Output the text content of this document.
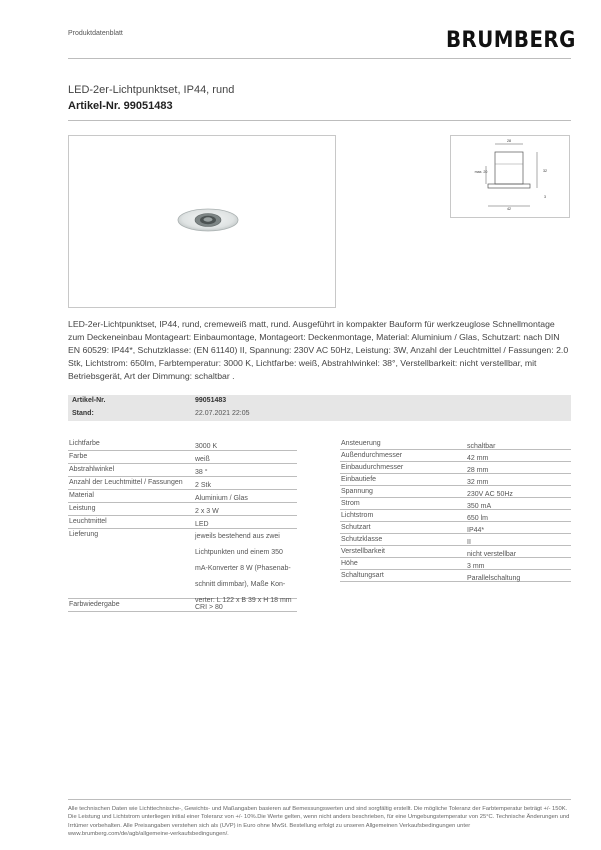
Produktdatenblatt	BRUMBERG
LED-2er-Lichtpunktset, IP44, rund
Artikel-Nr. 99051483
28
max. 20	32
3
42
LED-2er-Lichtpunktset, IP44, rund, cremeweiß matt, rund. Ausgeführt in kompakter Bauform für werkzeuglose Schnellmontage zum Deckeneinbau Montageart: Einbaumontage, Montageort: Deckenmontage, Material: Aluminium / Glas, Schutzart: nach DIN EN 60529: IP44*, Schutzklasse: (EN 61140) II, Spannung: 230V AC 50Hz, Leistung: 3W, Anzahl der Leuchtmittel / Fassungen: 2.0 Stk, Lichtstrom: 650lm, Farbtemperatur: 3000 K, Lichtfarbe: weiß, Abstrahlwinkel: 38°, Verstellbarkeit: nicht verstellbar, mit Betriebsgerät, Art der Dimmung: schaltbar .
Artikel-Nr.	99051483
Stand:	22.07.2021 22:05
Lichtfarbe	3000 K
Farbe	weiß
Abstrahlwinkel	38 °
Anzahl der Leuchtmittel / Fassungen 2 Stk
Material	Aluminium / Glas
Leistung	2 x 3 W
Leuchtmittel	LED
Lieferung	jeweils bestehend aus zwei Lichtpunkten und einem 350 mA-Konverter 8 W (Phasenab-schnitt dimmbar), Maße Kon-verter: L 122 x B 39 x H 18 mm
Farbwiedergabe	CRI > 80
Ansteuerung	schaltbar
Außendurchmesser	42 mm
Einbaudurchmesser	28 mm
Einbautiefe	32 mm
Spannung	230V AC 50Hz
Strom	350 mA
Lichtstrom	650 lm
Schutzart	IP44*
Schutzklasse	II
Verstellbarkeit	nicht verstellbar
Höhe	3 mm
Schaltungsart	Parallelschaltung
Alle technischen Daten wie Lichttechnische-, Gewichts- und Maßangaben basieren auf Bemessungswerten und sind sorgfältig erstellt. Die mögliche Toleranz der Farbtemperatur beträgt +/- 150K. Die Leistung und Lichtstrom unterliegen initial einer Toleranz von +/- 10%.Die Werte gelten, wenn nicht anders beschrieben, für eine Umgebungstemperatur von 25°C. Technische Änderungen und Irrtümer vorbehalten. Alle Preisangaben verstehen sich als (UVP) in Euro ohne MwSt. Bestellung erfolgt zu unseren Allgemeinen Verkaufsbedingungen unter www.brumberg.com/de/agb/allgemeine-verkaufsbedingungen/.
